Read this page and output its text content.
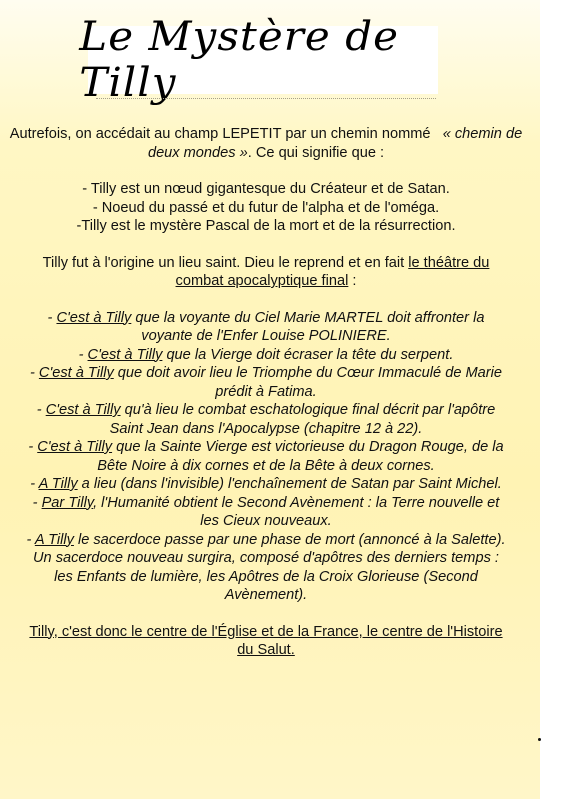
Le Mystère de Tilly
Autrefois, on accédait au champ LEPETIT par un chemin nommé « chemin de
deux mondes ». Ce qui signifie que :
- Tilly est un nœud gigantesque du Créateur et de Satan.
- Noeud du passé et du futur de l'alpha et de l'oméga.
-Tilly est le mystère Pascal de la mort et de la résurrection.
Tilly fut à l'origine un lieu saint. Dieu le reprend et en fait le théâtre du
combat apocalyptique final :
- C'est à Tilly que la voyante du Ciel Marie MARTEL doit affronter la
voyante de l'Enfer Louise POLINIERE.
- C'est à Tilly que la Vierge doit écraser la tête du serpent.
- C'est à Tilly que doit avoir lieu le Triomphe du Cœur Immaculé de Marie
prédit à Fatima.
- C'est à Tilly qu'à lieu le combat eschatologique final décrit par l'apôtre
Saint Jean dans l'Apocalypse (chapitre 12 à 22).
- C'est à Tilly que la Sainte Vierge est victorieuse du Dragon Rouge, de la
Bête Noire à dix cornes et de la Bête à deux cornes.
- A Tilly a lieu (dans l'invisible) l'enchaînement de Satan par Saint Michel.
- Par Tilly, l'Humanité obtient le Second Avènement : la Terre nouvelle et
les Cieux nouveaux.
- A Tilly le sacerdoce passe par une phase de mort (annoncé à la Salette).
Un sacerdoce nouveau surgira, composé d'apôtres des derniers temps :
les Enfants de lumière, les Apôtres de la Croix Glorieuse (Second
Avènement).
Tilly, c'est donc le centre de l'Église et de la France, le centre de l'Histoire
du Salut.
